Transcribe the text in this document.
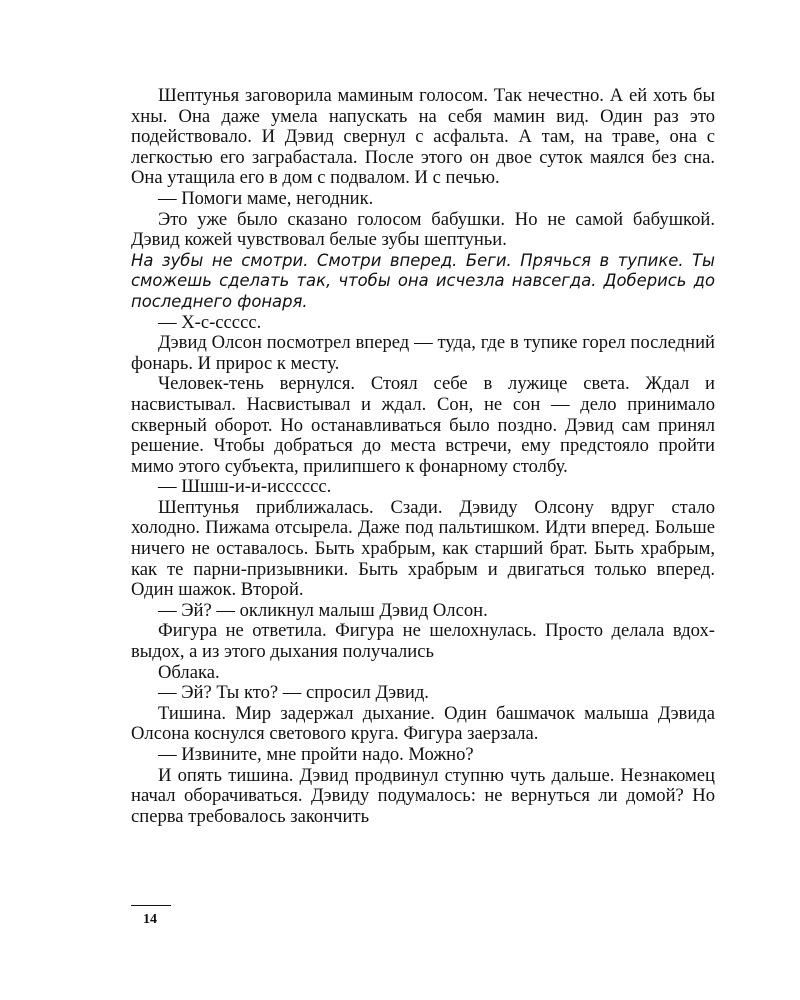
Шептунья заговорила маминым голосом. Так нечестно. А ей хоть бы хны. Она даже умела напускать на себя мамин вид. Один раз это подействовало. И Дэвид свернул с асфальта. А там, на траве, она с легкостью его заграбастала. После этого он двое суток маялся без сна. Она утащила его в дом с подвалом. И с печью.

— Помоги маме, негодник.

Это уже было сказано голосом бабушки. Но не самой бабушкой. Дэвид кожей чувствовал белые зубы шептуньи.

На зубы не смотри. Смотри вперед. Беги. Прячься в тупике. Ты сможешь сделать так, чтобы она исчезла навсегда. Доберись до последнего фонаря.

— Х-с-ссссс.

Дэвид Олсон посмотрел вперед — туда, где в тупике горел последний фонарь. И прирос к месту.

Человек-тень вернулся. Стоял себе в лужице света. Ждал и насвистывал. Насвистывал и ждал. Сон, не сон — дело принимало скверный оборот. Но останавливаться было поздно. Дэвид сам принял решение. Чтобы добраться до места встречи, ему предстояло пройти мимо этого субъекта, прилипшего к фонарному столбу.

— Шшш-и-и-исссссс.

Шептунья приближалась. Сзади. Дэвиду Олсону вдруг стало холодно. Пижама отсырела. Даже под пальтишком. Идти вперед. Больше ничего не оставалось. Быть храбрым, как старший брат. Быть храбрым, как те парни-призывники. Быть храбрым и двигаться только вперед. Один шажок. Второй.

— Эй? — окликнул малыш Дэвид Олсон.

Фигура не ответила. Фигура не шелохнулась. Просто делала вдох-выдох, а из этого дыхания получались

Облака.

— Эй? Ты кто? — спросил Дэвид.

Тишина. Мир задержал дыхание. Один башмачок малыша Дэвида Олсона коснулся светового круга. Фигура заерзала.

— Извините, мне пройти надо. Можно?

И опять тишина. Дэвид продвинул ступню чуть дальше. Незнакомец начал оборачиваться. Дэвиду подумалось: не вернуться ли домой? Но сперва требовалось закончить

14
